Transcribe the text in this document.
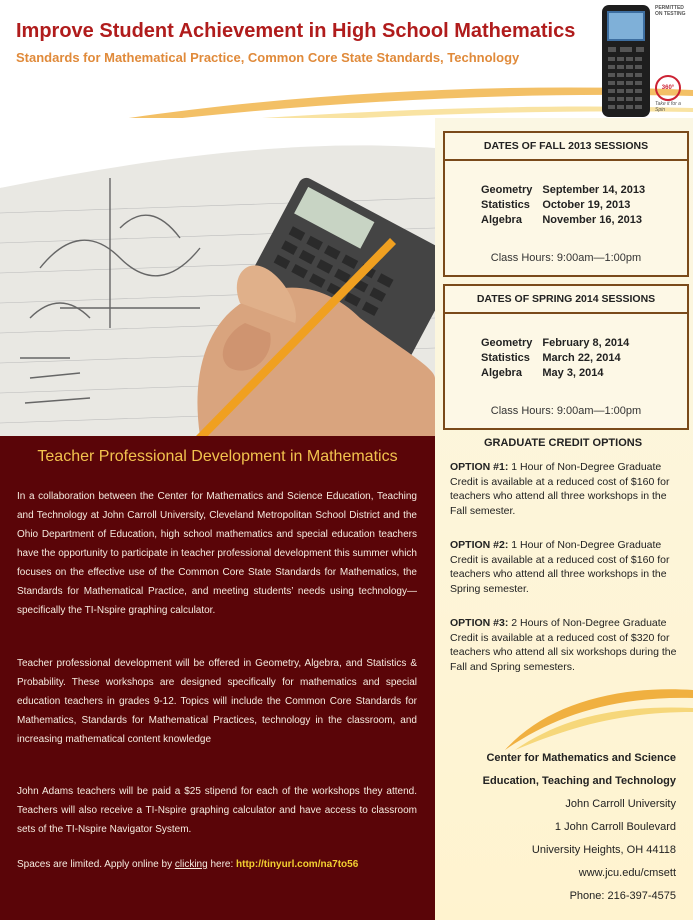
Improve Student Achievement in High School Mathematics
Standards for Mathematical Practice, Common Core State Standards, Technology
PERMITTED ON TESTING
360°
Take it for a Spin
DATES OF FALL 2013 SESSIONS
Geometry	September 14, 2013
Statistics	October 19, 2013
Algebra	November 16, 2013
Class Hours: 9:00am—1:00pm
DATES OF SPRING 2014 SESSIONS
Geometry	February 8, 2014
Statistics	March 22, 2014
Algebra	May 3, 2014
Class Hours: 9:00am—1:00pm
GRADUATE CREDIT OPTIONS
OPTION #1: 1 Hour of Non-Degree Graduate Credit is available at a reduced cost of $160 for teachers who attend all three workshops in the Fall semester.
OPTION #2: 1 Hour of Non-Degree Graduate Credit is available at a reduced cost of $160 for teachers who attend all three workshops in the Spring semester.
OPTION #3: 2 Hours of Non-Degree Graduate Credit is available at a reduced cost of $320 for teachers who attend all six workshops during the Fall and Spring semesters.
Center for Mathematics and Science
Education, Teaching and Technology
John Carroll University
1 John Carroll Boulevard
University Heights, OH 44118
www.jcu.edu/cmsett
Phone: 216-397-4575
Teacher Professional Development in Mathematics
In a collaboration between the Center for Mathematics and Science Education, Teaching and Technology at John Carroll University, Cleveland Metropolitan School District and the Ohio Department of Education, high school mathematics and special education teachers have the opportunity to participate in teacher professional development this summer which focuses on the effective use of the Common Core State Standards for Mathematics, the Standards for Mathematical Practice, and meeting students’ needs using technology—specifically the TI-Nspire graphing calculator.
Teacher professional development will be offered in Geometry, Algebra, and Statistics & Probability. These workshops are designed specifically for mathematics and special education teachers in grades 9-12. Topics will include the Common Core Standards for Mathematics, Standards for Mathematical Practices, technology in the classroom, and increasing mathematical content knowledge
John Adams teachers will be paid a $25 stipend for each of the workshops they attend. Teachers will also receive a TI-Nspire graphing calculator and have access to classroom sets of the TI-Nspire Navigator System.
Spaces are limited. Apply online by clicking here: http://tinyurl.com/na7to56
